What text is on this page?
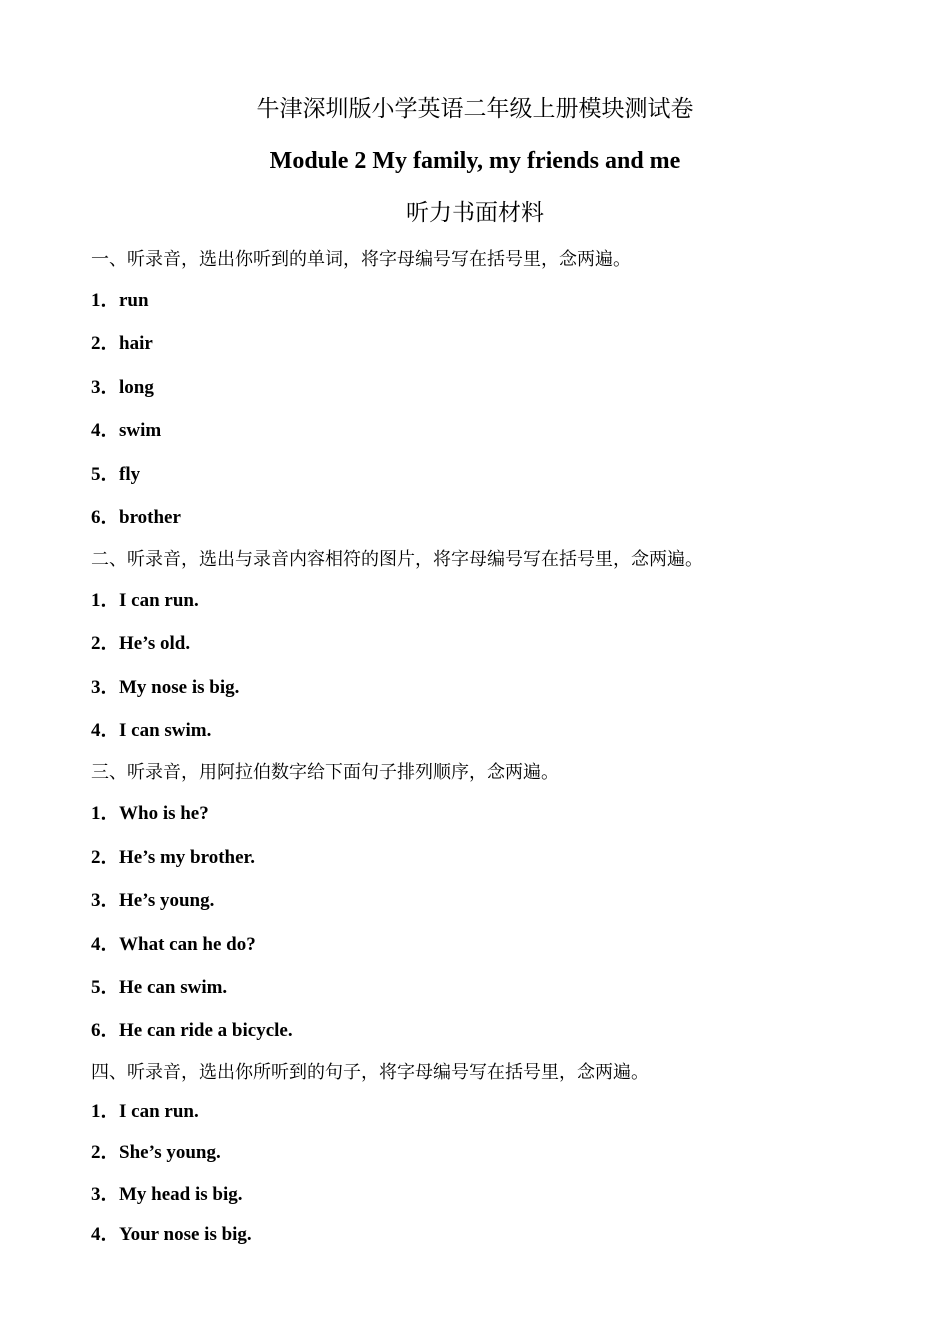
牛津深圳版小学英语二年级上册模块测试卷
Module 2 My family, my friends and me
听力书面材料
一、听录音，选出你听到的单词，将字母编号写在括号里，念两遍。
1．run
2．hair
3．long
4．swim
5．fly
6．brother
二、听录音，选出与录音内容相符的图片，将字母编号写在括号里，念两遍。
1．I can run.
2．He’s old.
3．My nose is big.
4．I can swim.
三、听录音，用阿拉伯数字给下面句子排列顺序，念两遍。
1．Who is he?
2．He’s my brother.
3．He’s young.
4．What can he do?
5．He can swim.
6．He can ride a bicycle.
四、听录音，选出你所听到的句子，将字母编号写在括号里，念两遍。
1．I can run.
2．She’s young.
3．My head is big.
4．Your nose is big.
